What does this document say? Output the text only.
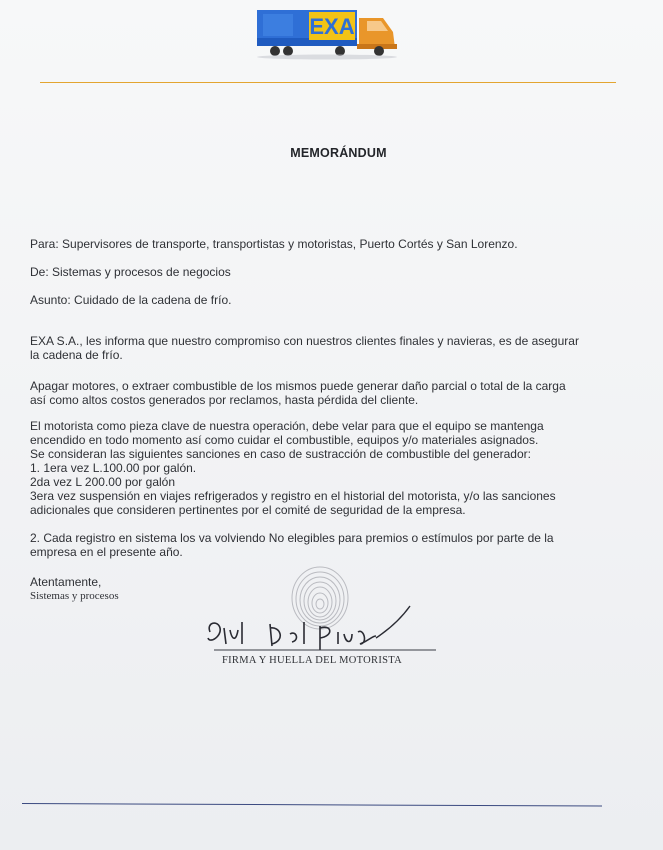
EXA
MEMORÁNDUM
Para: Supervisores de transporte, transportistas y motoristas, Puerto Cortés y San Lorenzo.
De: Sistemas y procesos de negocios
Asunto: Cuidado de la cadena de frío.
EXA S.A., les informa que nuestro compromiso con nuestros clientes finales y navieras, es de asegurar
la cadena de frío.
Apagar motores, o extraer combustible de los mismos puede generar daño parcial o total de la carga
así como altos costos generados por reclamos, hasta pérdida del cliente.
El motorista como pieza clave de nuestra operación, debe velar para que el equipo se mantenga
encendido en todo momento así como cuidar el combustible, equipos y/o materiales asignados.
Se consideran las siguientes sanciones en caso de sustracción de combustible del generador:
1. 1era vez L.100.00 por galón.
2da vez L 200.00 por galón
3era vez suspensión en viajes refrigerados y registro en el historial del motorista, y/o las sanciones
adicionales que consideren pertinentes por el comité de seguridad de la empresa.
2. Cada registro en sistema los va volviendo No elegibles para premios o estímulos por parte de la
empresa en el presente año.
Atentamente,
Sistemas y procesos
FIRMA Y HUELLA DEL MOTORISTA
